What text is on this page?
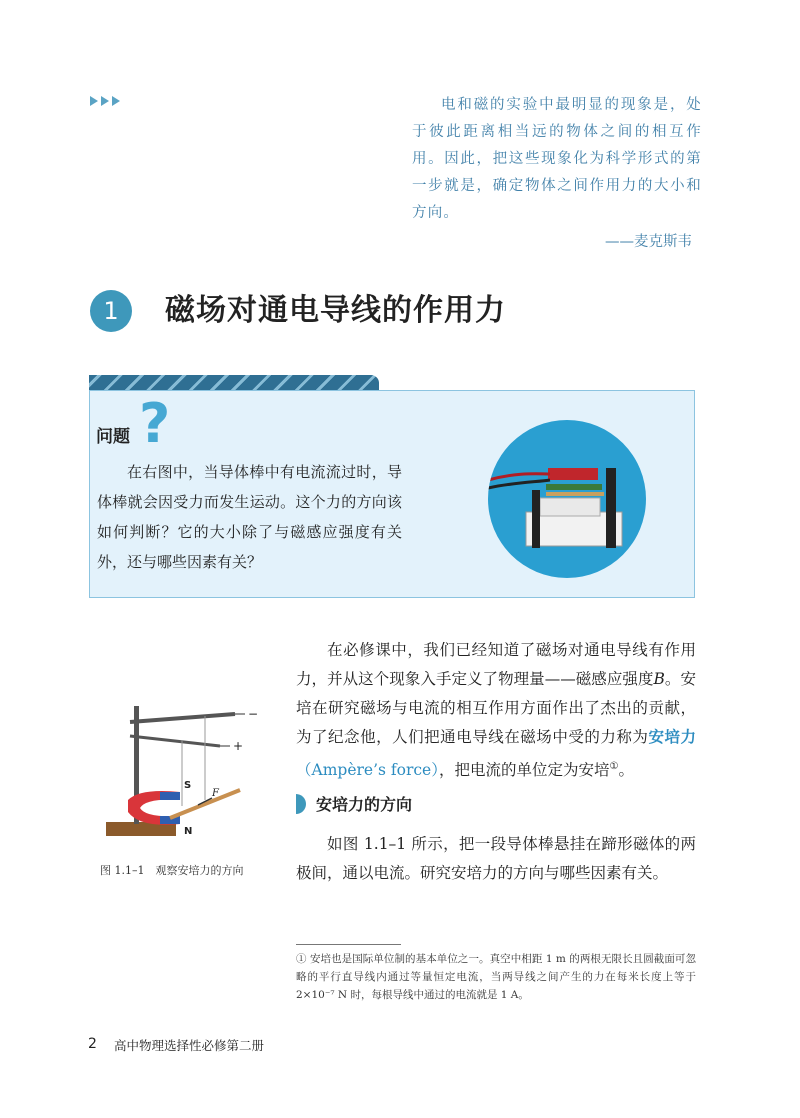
电和磁的实验中最明显的现象是，处于彼此距离相当远的物体之间的相互作用。因此，把这些现象化为科学形式的第一步就是，确定物体之间作用力的大小和方向。

——麦克斯韦
1	磁场对通电导线的作用力
问题 ?

在右图中，当导体棒中有电流流过时，导体棒就会因受力而发生运动。这个力的方向该如何判断？它的大小除了与磁感应强度有关外，还与哪些因素有关？

在必修课中，我们已经知道了磁场对通电导线有作用力，并从这个现象入手定义了物理量——磁感应强度B。安培在研究磁场与电流的相互作用方面作出了杰出的贡献，为了纪念他，人们把通电导线在磁场中受的力称为安培力（Ampère’s force），把电流的单位定为安培①。

安培力的方向

如图 1.1–1 所示，把一段导体棒悬挂在蹄形磁体的两极间，通以电流。研究安培力的方向与哪些因素有关。

−
+
S
N
F
图 1.1–1　观察安培力的方向
① 安培也是国际单位制的基本单位之一。真空中相距 1 m 的两根无限长且圆截面可忽略的平行直导线内通过等量恒定电流，当两导线之间产生的力在每米长度上等于 2×10⁻⁷ N 时，每根导线中通过的电流就是 1 A。
2 高中物理选择性必修第二册
